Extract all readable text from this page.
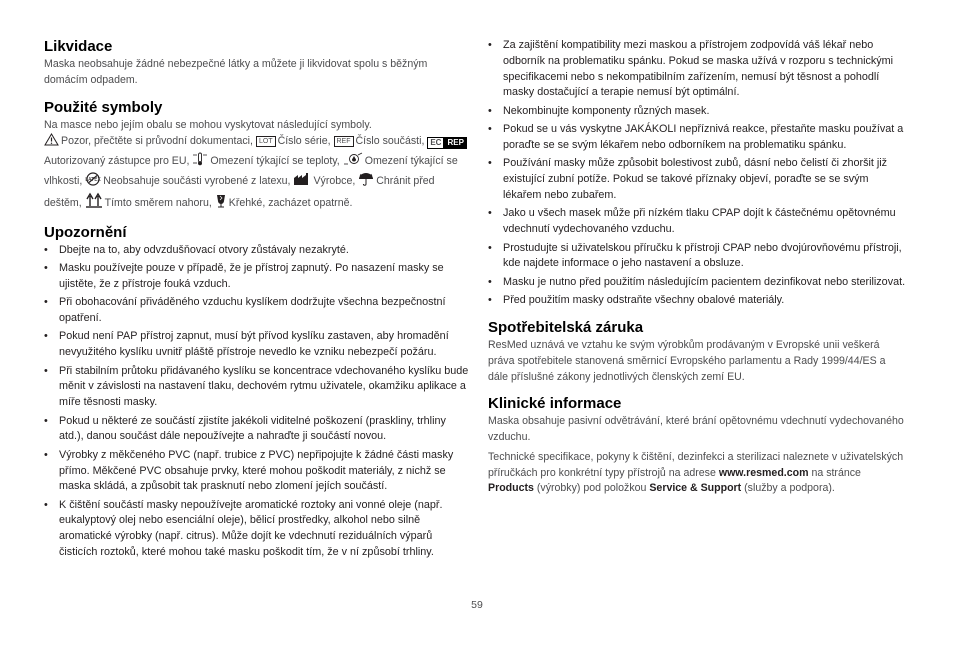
Likvidace

Maska neobsahuje žádné nebezpečné látky a můžete ji likvidovat spolu s běžným domácím odpadem.

Použité symboly

Na masce nebo jejím obalu se mohou vyskytovat následující symboly.

Pozor, přečtěte si průvodní dokumentaci, LOT Číslo série, REF Číslo součásti, EC REP
Autorizovaný zástupce pro EU, Omezení týkající se teploty, Omezení týkající se vlhkosti, LATEX Neobsahuje součásti vyrobené z latexu, Výrobce, Chránit před deštěm, Tímto směrem nahoru, Křehké, zacházet opatrně.

Upozornění
• Dbejte na to, aby odvzdušňovací otvory zůstávaly nezakryté.
• Masku používejte pouze v případě, že je přístroj zapnutý. Po nasazení masky se ujistěte, že z přístroje fouká vzduch.
• Při obohacování přiváděného vzduchu kyslíkem dodržujte všechna bezpečnostní opatření.
• Pokud není PAP přístroj zapnut, musí být přívod kyslíku zastaven, aby hromadění nevyužitého kyslíku uvnitř pláště přístroje nevedlo ke vzniku nebezpečí požáru.
• Při stabilním průtoku přidávaného kyslíku se koncentrace vdechovaného kyslíku bude měnit v závislosti na nastavení tlaku, dechovém rytmu uživatele, okamžiku aplikace a míře těsnosti masky.
• Pokud u některé ze součástí zjistíte jakékoli viditelné poškození (praskliny, trhliny atd.), danou součást dále nepoužívejte a nahraďte ji součástí novou.
• Výrobky z měkčeného PVC (např. trubice z PVC) nepřipojujte k žádné části masky přímo. Měkčené PVC obsahuje prvky, které mohou poškodit materiály, z nichž se maska skládá, a způsobit tak prasknutí nebo zlomení jejích součástí.
• K čištění součástí masky nepoužívejte aromatické roztoky ani vonné oleje (např. eukalyptový olej nebo esenciální oleje), bělicí prostředky, alkohol nebo silně aromatické výrobky (např. citrus). Může dojít ke vdechnutí reziduálních výparů čisticích roztoků, které mohou také masku poškodit tím, že v ní způsobí trhliny.
• Za zajištění kompatibility mezi maskou a přístrojem zodpovídá váš lékař nebo odborník na problematiku spánku. Pokud se maska užívá v rozporu s technickými specifikacemi nebo s nekompatibilním zařízením, nemusí být těsnost a pohodlí masky dostačující a terapie nemusí být optimální.
• Nekombinujte komponenty různých masek.
• Pokud se u vás vyskytne JAKÁKOLI nepříznivá reakce, přestaňte masku používat a poraďte se se svým lékařem nebo odborníkem na problematiku spánku.
• Používání masky může způsobit bolestivost zubů, dásní nebo čelistí či zhoršit již existující zubní potíže. Pokud se takové příznaky objeví, poraďte se se svým lékařem nebo zubařem.
• Jako u všech masek může při nízkém tlaku CPAP dojít k částečnému opětovnému vdechnutí vydechovaného vzduchu.
• Prostudujte si uživatelskou příručku k přístroji CPAP nebo dvojúrovňovému přístroji, kde najdete informace o jeho nastavení a obsluze.
• Masku je nutno před použitím následujícím pacientem dezinfikovat nebo sterilizovat.
• Před použitím masky odstraňte všechny obalové materiály.
Spotřebitelská záruka

ResMed uznává ve vztahu ke svým výrobkům prodávaným v Evropské unii veškerá práva spotřebitele stanovená směrnicí Evropského parlamentu a Rady 1999/44/ES a dále příslušné zákony jednotlivých členských zemí EU.

Klinické informace

Maska obsahuje pasivní odvětrávání, které brání opětovnému vdechnutí vydechovaného vzduchu.

Technické specifikace, pokyny k čištění, dezinfekci a sterilizaci naleznete v uživatelských příručkách pro konkrétní typy přístrojů na adrese www.resmed.com na stránce Products (výrobky) pod položkou Service & Support (služby a podpora).

59
